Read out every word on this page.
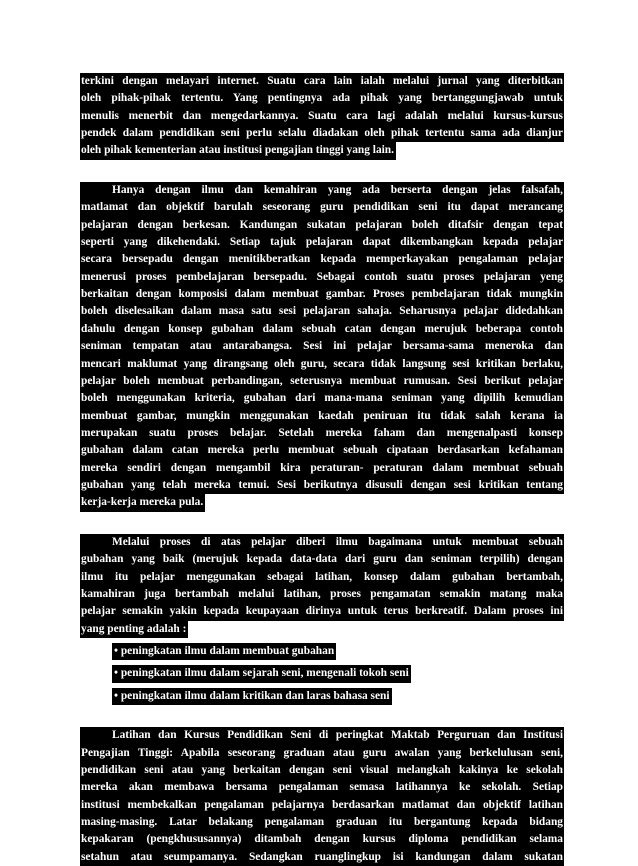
terkini dengan melayari internet. Suatu cara lain ialah melalui jurnal yang diterbitkan
oleh pihak-pihak tertentu. Yang pentingnya ada pihak yang bertanggungjawab untuk
menulis menerbit dan mengedarkannya. Suatu cara lagi adalah melalui kursus-kursus
pendek dalam pendidikan seni perlu selalu diadakan oleh pihak tertentu sama ada dianjur
oleh pihak kementerian atau institusi pengajian tinggi yang lain.

Hanya dengan ilmu dan kemahiran yang ada berserta dengan jelas falsafah,
matlamat dan objektif barulah seseorang guru pendidikan seni itu dapat merancang
pelajaran dengan berkesan. Kandungan sukatan pelajaran boleh ditafsir dengan tepat
seperti yang dikehendaki. Setiap tajuk pelajaran dapat dikembangkan kepada pelajar
secara bersepadu dengan menitikberatkan kepada memperkayakan pengalaman pelajar
menerusi proses pembelajaran bersepadu. Sebagai contoh suatu proses pelajaran yeng
berkaitan dengan komposisi dalam membuat gambar. Proses pembelajaran tidak mungkin
boleh diselesaikan dalam masa satu sesi pelajaran sahaja. Seharusnya pelajar didedahkan
dahulu dengan konsep gubahan dalam sebuah catan dengan merujuk beberapa contoh
seniman tempatan atau antarabangsa. Sesi ini pelajar bersama-sama meneroka dan
mencari maklumat yang dirangsang oleh guru, secara tidak langsung sesi kritikan berlaku,
pelajar boleh membuat perbandingan, seterusnya membuat rumusan. Sesi berikut pelajar
boleh menggunakan kriteria, gubahan dari mana-mana seniman yang dipilih kemudian
membuat gambar, mungkin menggunakan kaedah peniruan itu tidak salah kerana ia
merupakan suatu proses belajar. Setelah mereka faham dan mengenalpasti konsep
gubahan dalam catan mereka perlu membuat sebuah cipataan berdasarkan kefahaman
mereka sendiri dengan mengambil kira peraturan- peraturan dalam membuat sebuah
gubahan yang telah mereka temui. Sesi berikutnya disusuli dengan sesi kritikan tentang
kerja-kerja mereka pula.

Melalui proses di atas pelajar diberi ilmu bagaimana untuk membuat sebuah
gubahan yang baik (merujuk kepada data-data dari guru dan seniman terpilih) dengan
ilmu itu pelajar menggunakan sebagai latihan, konsep dalam gubahan bertambah,
kamahiran juga bertambah melalui latihan, proses pengamatan semakin matang maka
pelajar semakin yakin kepada keupayaan dirinya untuk terus berkreatif. Dalam proses ini
yang penting adalah :

• peningkatan ilmu dalam membuat gubahan
• peningkatan ilmu dalam sejarah seni, mengenali tokoh seni
• peningkatan ilmu dalam kritikan dan laras bahasa seni

Latihan dan Kursus Pendidikan Seni di peringkat Maktab Perguruan dan Institusi
Pengajian Tinggi: Apabila seseorang graduan atau guru awalan yang berkelulusan seni,
pendidikan seni atau yang berkaitan dengan seni visual melangkah kakinya ke sekolah
mereka akan membawa bersama pengalaman semasa latihannya ke sekolah. Setiap
institusi membekalkan pengalaman pelajarnya berdasarkan matlamat dan objektif latihan
masing-masing. Latar belakang pengalaman graduan itu bergantung kepada bidang
kepakaran (pengkhususannya) ditambah dengan kursus diploma pendidikan selama
setahun atau seumpamanya. Sedangkan ruanglingkup isi kandungan dalam sukatan
